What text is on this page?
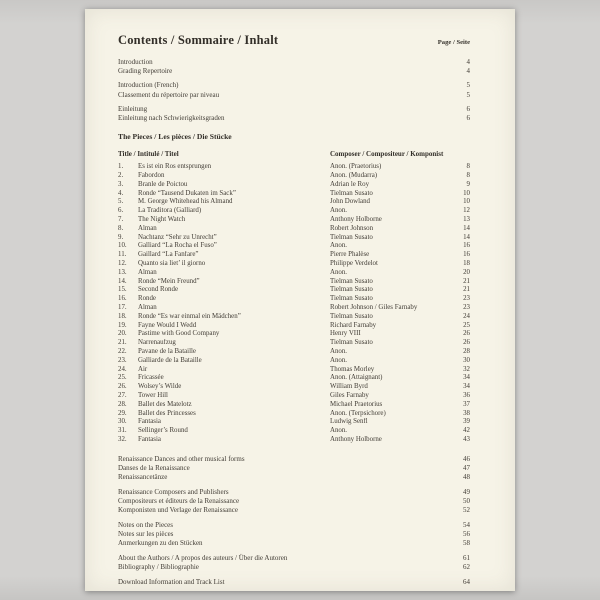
Contents / Sommaire / Inhalt	Page / Seite
Introduction	4
Grading Repertoire	4
Introduction (French)	5
Classement du répertoire par niveau	5
Einleitung	6
Einleitung nach Schwierigkeitsgraden	6
The Pieces / Les pièces / Die Stücke
Title / Intitulé / Titel	Composer / Compositeur / Komponist
1.	Es ist ein Ros entsprungen	Anon. (Praetorius)	8
2.	Fabordon	Anon. (Mudarra)	8
3.	Branle de Poictou	Adrian le Roy	9
4.	Ronde “Tausend Dukaten im Sack”	Tielman Susato	10
5.	M. George Whitehead his Almand	John Dowland	10
6.	La Traditora (Galliard)	Anon.	12
7.	The Night Watch	Anthony Holborne	13
8.	Alman	Robert Johnson	14
9.	Nachtanz “Sehr zu Unrecht”	Tielman Susato	14
10.	Galliard “La Rocha el Fuso”	Anon.	16
11.	Gaillard “La Fanfare”	Pierre Phalèse	16
12.	Quanto sia liet’ il giorno	Philippe Verdelot	18
13.	Alman	Anon.	20
14.	Ronde “Mein Freund”	Tielman Susato	21
15.	Second Ronde	Tielman Susato	21
16.	Ronde	Tielman Susato	23
17.	Alman	Robert Johnson / Giles Farnaby	23
18.	Ronde “Es war einmal ein Mädchen”	Tielman Susato	24
19.	Fayne Would I Wedd	Richard Farnaby	25
20.	Pastime with Good Company	Henry VIII	26
21.	Narrenaufzug	Tielman Susato	26
22.	Pavane de la Bataille	Anon.	28
23.	Galliarde de la Bataille	Anon.	30
24.	Air	Thomas Morley	32
25.	Fricassée	Anon. (Attaignant)	34
26.	Wolsey’s Wilde	William Byrd	34
27.	Tower Hill	Giles Farnaby	36
28.	Ballet des Matelotz	Michael Praetorius	37
29.	Ballet des Princesses	Anon. (Terpsichore)	38
30.	Fantasia	Ludwig Senfl	39
31.	Sellinger’s Round	Anon.	42
32.	Fantasia	Anthony Holborne	43
Renaissance Dances and other musical forms	46
Danses de la Renaissance	47
Renaissancetänze	48
Renaissance Composers and Publishers	49
Compositeurs et éditeurs de la Renaissance	50
Komponisten und Verlage der Renaissance	52
Notes on the Pieces	54
Notes sur les pièces	56
Anmerkungen zu den Stücken	58
About the Authors / A propos des auteurs / Über die Autoren	61
Bibliography / Bibliographie	62
Download Information and Track List	64
